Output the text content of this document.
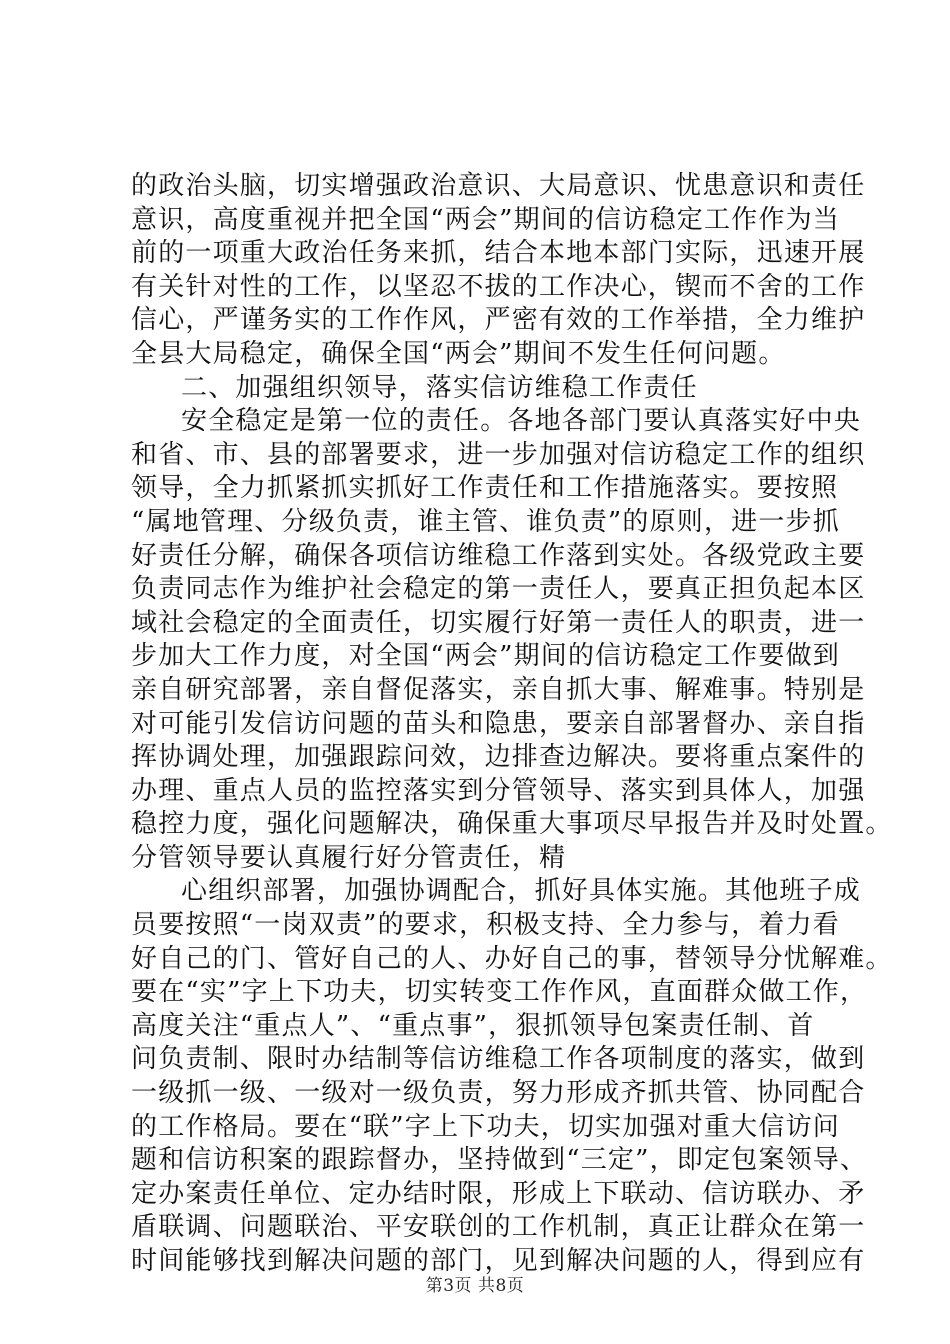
的政治头脑，切实增强政治意识、大局意识、忧患意识和责任
意识，高度重视并把全国“两会”期间的信访稳定工作作为当
前的一项重大政治任务来抓，结合本地本部门实际，迅速开展
有关针对性的工作，以坚忍不拔的工作决心，锲而不舍的工作
信心，严谨务实的工作作风，严密有效的工作举措，全力维护
全县大局稳定，确保全国“两会”期间不发生任何问题。
二、加强组织领导，落实信访维稳工作责任
安全稳定是第一位的责任。各地各部门要认真落实好中央
和省、市、县的部署要求，进一步加强对信访稳定工作的组织
领导，全力抓紧抓实抓好工作责任和工作措施落实。要按照
“属地管理、分级负责，谁主管、谁负责”的原则，进一步抓
好责任分解，确保各项信访维稳工作落到实处。各级党政主要
负责同志作为维护社会稳定的第一责任人，要真正担负起本区
域社会稳定的全面责任，切实履行好第一责任人的职责，进一
步加大工作力度，对全国“两会”期间的信访稳定工作要做到
亲自研究部署，亲自督促落实，亲自抓大事、解难事。特别是
对可能引发信访问题的苗头和隐患，要亲自部署督办、亲自指
挥协调处理，加强跟踪问效，边排查边解决。要将重点案件的
办理、重点人员的监控落实到分管领导、落实到具体人，加强
稳控力度，强化问题解决，确保重大事项尽早报告并及时处置。
分管领导要认真履行好分管责任，精
心组织部署，加强协调配合，抓好具体实施。其他班子成
员要按照“一岗双责”的要求，积极支持、全力参与，着力看
好自己的门、管好自己的人、办好自己的事，替领导分忧解难。
要在“实”字上下功夫，切实转变工作作风，直面群众做工作，
高度关注“重点人”、“重点事”，狠抓领导包案责任制、首
问负责制、限时办结制等信访维稳工作各项制度的落实，做到
一级抓一级、一级对一级负责，努力形成齐抓共管、协同配合
的工作格局。要在“联”字上下功夫，切实加强对重大信访问
题和信访积案的跟踪督办，坚持做到“三定”，即定包案领导、
定办案责任单位、定办结时限，形成上下联动、信访联办、矛
盾联调、问题联治、平安联创的工作机制，真正让群众在第一
时间能够找到解决问题的部门，见到解决问题的人，得到应有
第3页 共8页
